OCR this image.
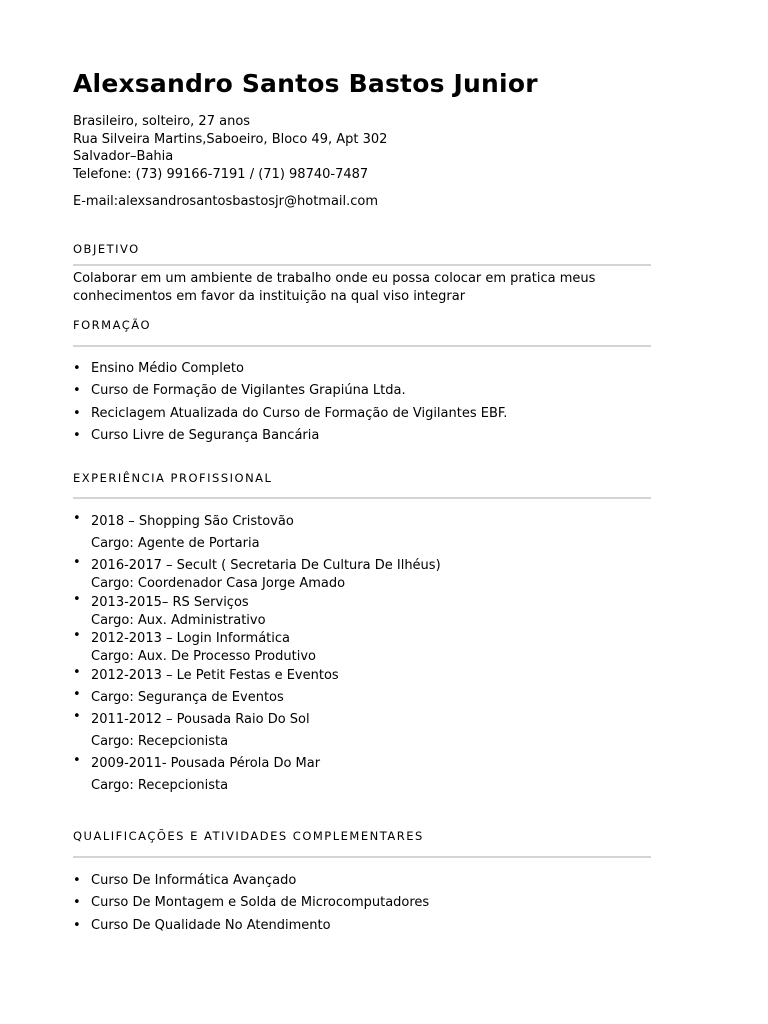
Alexsandro Santos Bastos Junior
Brasileiro, solteiro, 27 anos
Rua Silveira Martins,Saboeiro, Bloco 49, Apt 302
Salvador–Bahia
Telefone: (73) 99166-7191 / (71) 98740-7487
E-mail:alexsandrosantosbastosjr@hotmail.com
OBJETIVO
Colaborar em um ambiente de trabalho onde eu possa colocar em pratica meus conhecimentos em favor da instituição na qual viso integrar
FORMAÇÃO
• Ensino Médio Completo
• Curso de Formação de Vigilantes Grapiúna Ltda.
• Reciclagem Atualizada do Curso de Formação de Vigilantes EBF.
• Curso Livre de Segurança Bancária
EXPERIÊNCIA PROFISSIONAL
• 2018 – Shopping São Cristovão
Cargo: Agente de Portaria
• 2016-2017 – Secult ( Secretaria De Cultura De Ilhéus)
Cargo: Coordenador Casa Jorge Amado
• 2013-2015– RS Serviços
Cargo: Aux. Administrativo
• 2012-2013 – Login Informática
Cargo: Aux. De Processo Produtivo
• 2012-2013 – Le Petit Festas e Eventos
• Cargo: Segurança de Eventos
• 2011-2012 – Pousada Raio Do Sol
Cargo: Recepcionista
• 2009-2011- Pousada Pérola Do Mar
Cargo: Recepcionista
QUALIFICAÇÕES E ATIVIDADES COMPLEMENTARES
• Curso De Informática Avançado
• Curso De Montagem e Solda de Microcomputadores
• Curso De Qualidade No Atendimento
